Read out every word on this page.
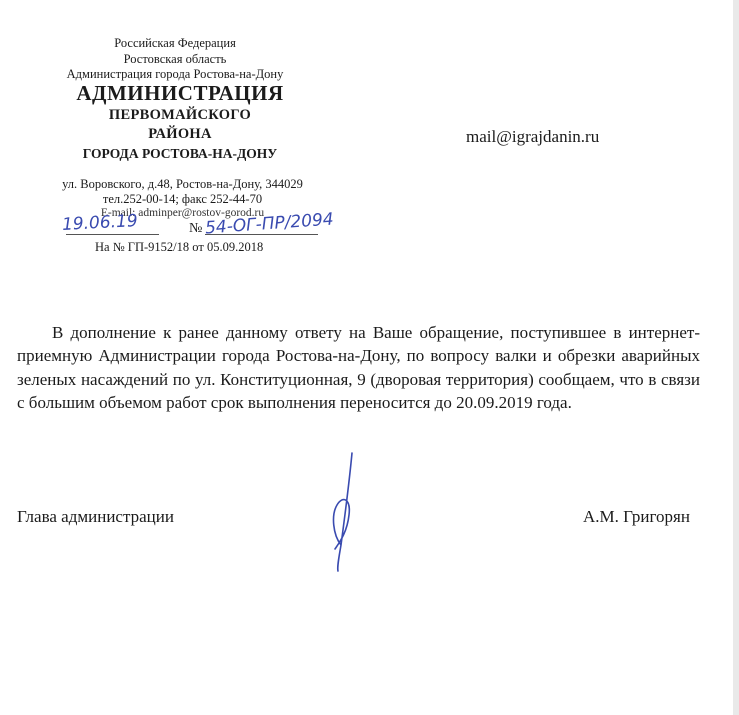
Российская Федерация
Ростовская область
Администрация города Ростова-на-Дону
АДМИНИСТРАЦИЯ
ПЕРВОМАЙСКОГО
РАЙОНА
ГОРОДА РОСТОВА-НА-ДОНУ
ул. Воровского, д.48, Ростов-на-Дону, 344029
тел.252-00-14; факс 252-44-70
E-mail: adminper@rostov-gorod.ru
19.06.19	№ 54-ОГ-ПР/2094
На № ГП-9152/18 от 05.09.2018
mail@igrajdanin.ru
В дополнение к ранее данному ответу на Ваше обращение, поступившее в интернет-приемную Администрации города Ростова-на-Дону, по вопросу валки и обрезки аварийных зеленых насаждений по ул. Конституционная, 9 (дворовая территория) сообщаем, что в связи с большим объемом работ срок выполнения переносится до 20.09.2019 года.
Глава администрации	А.М. Григорян
